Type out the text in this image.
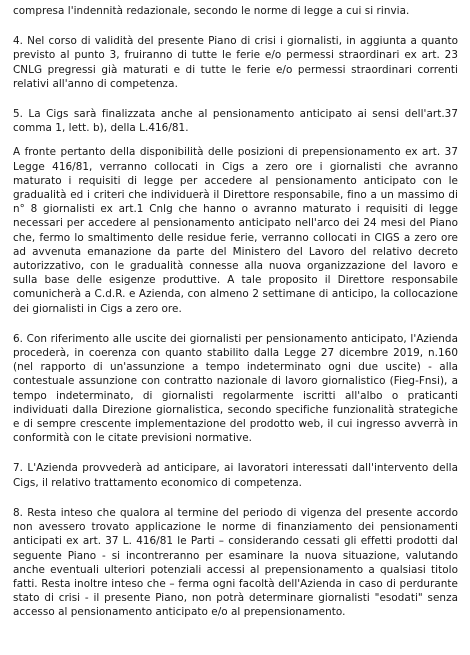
compresa l'indennità redazionale, secondo le norme di legge a cui si rinvia.

4. Nel corso di validità del presente Piano di crisi i giornalisti, in aggiunta a quanto previsto al punto 3, fruiranno di tutte le ferie e/o permessi straordinari ex art. 23 CNLG pregressi già maturati e di tutte le ferie e/o permessi straordinari correnti relativi all'anno di competenza.

5. La Cigs sarà finalizzata anche al pensionamento anticipato ai sensi dell'art.37 comma 1, lett. b), della L.416/81.

A fronte pertanto della disponibilità delle posizioni di prepensionamento ex art. 37 Legge 416/81, verranno collocati in Cigs a zero ore i giornalisti che avranno maturato i requisiti di legge per accedere al pensionamento anticipato con le gradualità ed i criteri che individuerà il Direttore responsabile, fino a un massimo di n° 8 giornalisti ex art.1 Cnlg che hanno o avranno maturato i requisiti di legge necessari per accedere al pensionamento anticipato nell'arco dei 24 mesi del Piano che, fermo lo smaltimento delle residue ferie, verranno collocati in CIGS a zero ore ad avvenuta emanazione da parte del Ministero del Lavoro del relativo decreto autorizzativo, con le gradualità connesse alla nuova organizzazione del lavoro e sulla base delle esigenze produttive. A tale proposito il Direttore responsabile comunicherà a C.d.R. e Azienda, con almeno 2 settimane di anticipo, la collocazione dei giornalisti in Cigs a zero ore.

6. Con riferimento alle uscite dei giornalisti per pensionamento anticipato, l'Azienda procederà, in coerenza con quanto stabilito dalla Legge 27 dicembre 2019, n.160 (nel rapporto di un'assunzione a tempo indeterminato ogni due uscite) - alla contestuale assunzione con contratto nazionale di lavoro giornalistico (Fieg-Fnsi), a tempo indeterminato, di giornalisti regolarmente iscritti all'albo o praticanti individuati dalla Direzione giornalistica, secondo specifiche funzionalità strategiche e di sempre crescente implementazione del prodotto web, il cui ingresso avverrà in conformità con le citate previsioni normative.

7. L'Azienda provvederà ad anticipare, ai lavoratori interessati dall'intervento della Cigs, il relativo trattamento economico di competenza.

8. Resta inteso che qualora al termine del periodo di vigenza del presente accordo non avessero trovato applicazione le norme di finanziamento dei pensionamenti anticipati ex art. 37 L. 416/81 le Parti – considerando cessati gli effetti prodotti dal seguente Piano - si incontreranno per esaminare la nuova situazione, valutando anche eventuali ulteriori potenziali accessi al prepensionamento a qualsiasi titolo fatti. Resta inoltre inteso che – ferma ogni facoltà dell'Azienda in caso di perdurante stato di crisi - il presente Piano, non potrà determinare giornalisti "esodati" senza accesso al pensionamento anticipato e/o al prepensionamento.
